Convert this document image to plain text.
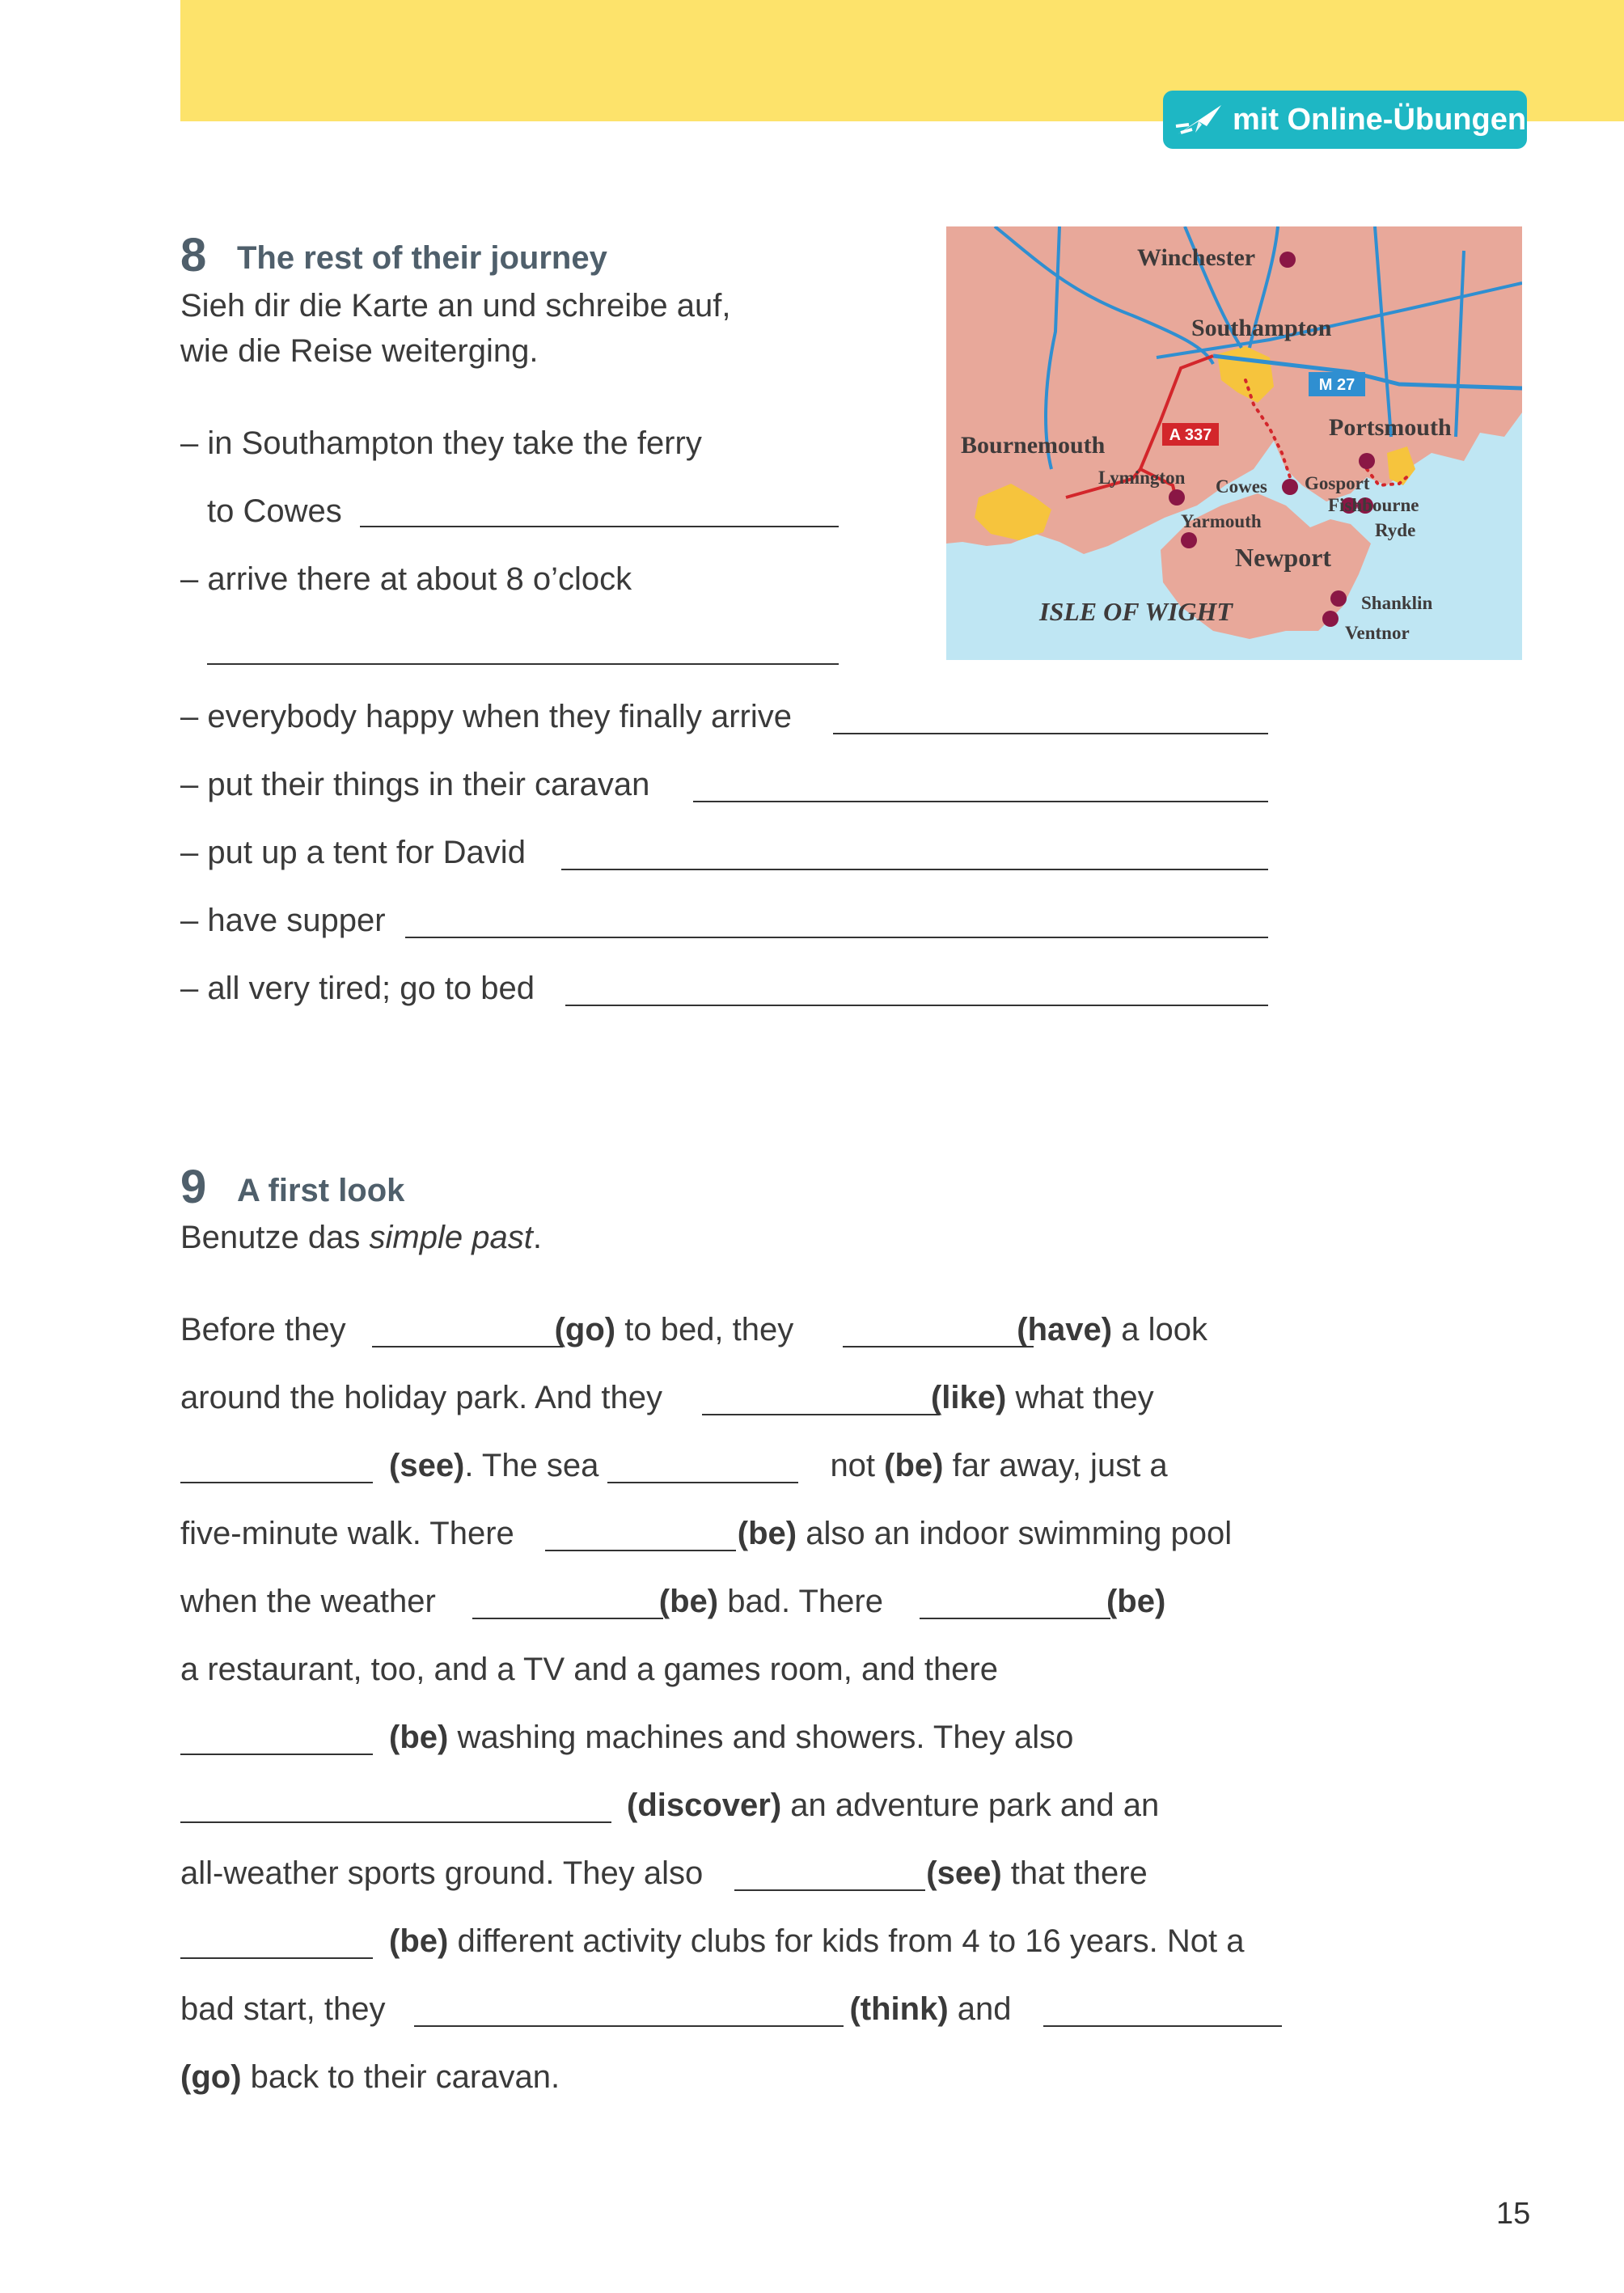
mit Online-Übungen
8 The rest of their journey
Sieh dir die Karte an und schreibe auf,
wie die Reise weiterging.
– in Southampton they take the ferry
to Cowes
– arrive there at about 8 o’clock
– everybody happy when they finally arrive
– put their things in their caravan
– put up a tent for David
– have supper
– all very tired; go to bed
A 337
M 27
Winchester
Southampton
Portsmouth
Bournemouth
Lymington Cowes Gosport
Fishbourne
Yarmouth	Ryde
Newport
Shanklin
Ventnor
ISLE OF WIGHT
9 A first look
Benutze das simple past.
Before they	(go) to bed, they	(have) a look
around the holiday park. And they	(like) what they
(see). The sea	not (be) far away, just a
five-minute walk. There	(be) also an indoor swimming pool
when the weather	(be) bad. There	(be)
a restaurant, too, and a TV and a games room, and there
(be) washing machines and showers. They also
(discover) an adventure park and an
all-weather sports ground. They also	(see) that there
(be) different activity clubs for kids from 4 to 16 years. Not a
bad start, they	(think) and
(go) back to their caravan.
15
